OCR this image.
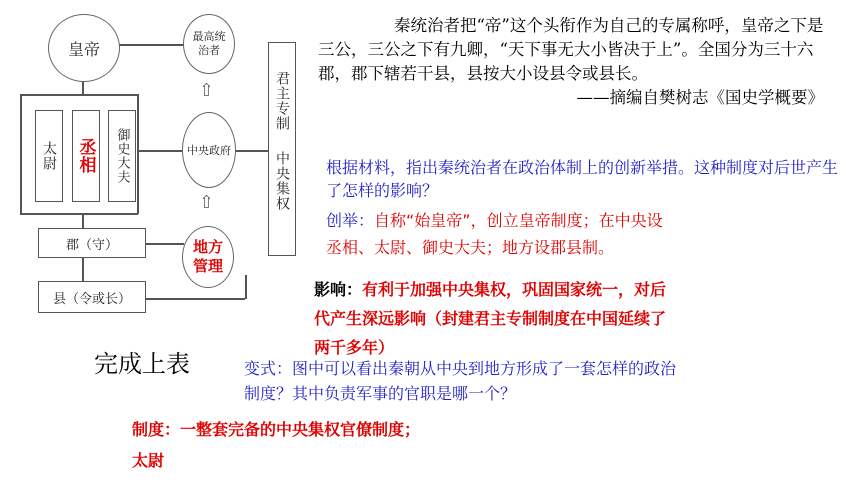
皇帝
太尉 丞相 御史大夫
郡（守）
县（令或长）
最高统治者
⇧
中央政府
⇧
地方管理
君主专制
中央集权
秦统治者把“帝”这个头衔作为自己的专属称呼，皇帝之下是三公，三公之下有九卿，“天下事无大小皆决于上”。全国分为三十六郡，郡下辖若干县，县按大小设县令或县长。
——摘编自樊树志《国史学概要》
根据材料，指出秦统治者在政治体制上的创新举措。这种制度对后世产生了怎样的影响？
创举：自称“始皇帝”，创立皇帝制度；在中央设
丞相、太尉、御史大夫；地方设郡县制。
影响：有利于加强中央集权，巩固国家统一，对后
代产生深远影响（封建君主专制制度在中国延续了
两千多年）
完成上表	变式：图中可以看出秦朝从中央到地方形成了一套怎样的政治
制度？其中负责军事的官职是哪一个？
制度：一整套完备的中央集权官僚制度；
太尉
